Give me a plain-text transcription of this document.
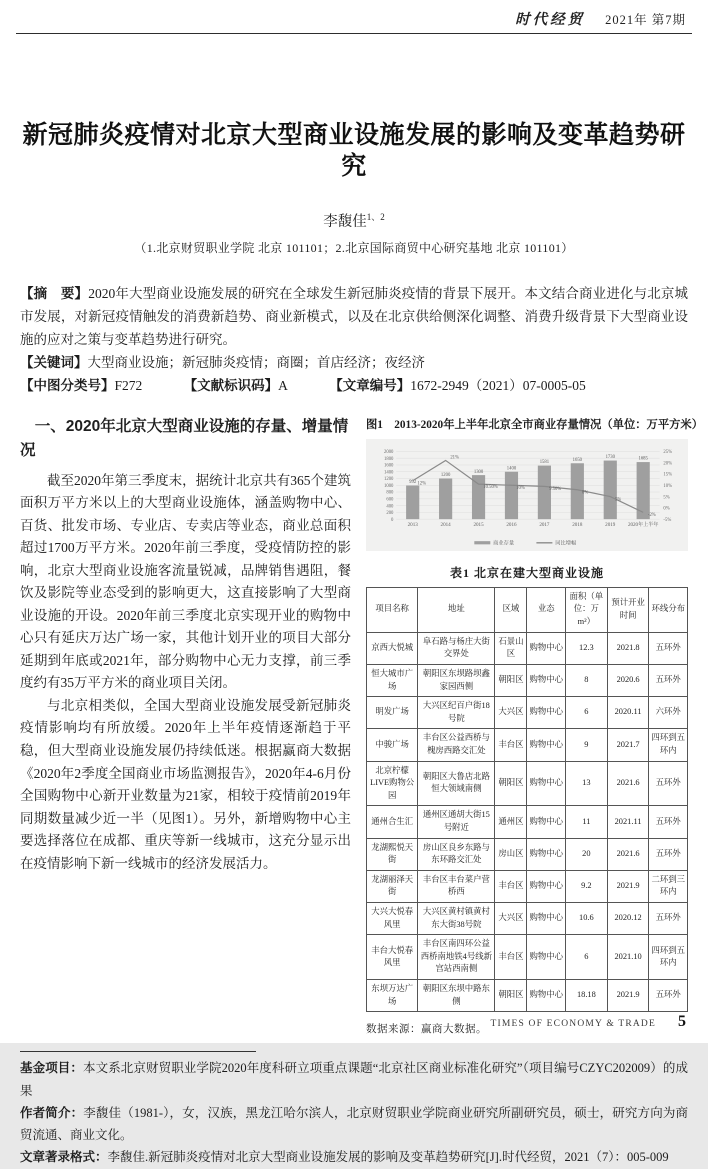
时代经贸 2021年 第7期
新冠肺炎疫情对北京大型商业设施发展的影响及变革趋势研究
李馥佳$^{1、2}$
（1.北京财贸职业学院 北京 101101；2.北京国际商贸中心研究基地 北京 101101）

【摘　要】2020年大型商业设施发展的研究在全球发生新冠肺炎疫情的背景下展开。本文结合商业进化与北京城市发展，对新冠疫情触发的消费新趋势、商业新模式，以及在北京供给侧深化调整、消费升级背景下大型商业设施的应对之策与变革趋势进行研究。

【关键词】大型商业设施；新冠肺炎疫情；商圈；首店经济；夜经济

【中图分类号】F272	【文献标识码】A	【文章编号】1672-2949（2021）07-0005-05

一、2020年北京大型商业设施的存量、增量情况

截至2020年第三季度末，据统计北京共有365个建筑面积万平方米以上的大型商业设施体，涵盖购物中心、百货、批发市场、专业店、专卖店等业态，商业总面积超过1700万平方米。2020年前三季度，受疫情防控的影响，北京大型商业设施客流量锐减，品牌销售遇阻，餐饮及影院等业态受到的影响更大，这直接影响了大型商业设施的开设。2020年前三季度北京实现开业的购物中心只有延庆万达广场一家，其他计划开业的项目大部分延期到年底或2021年，部分购物中心无力支撑，前三季度约有35万平方米的商业项目关闭。

与北京相类似，全国大型商业设施发展受新冠肺炎疫情影响均有所放缓。2020年上半年疫情逐渐趋于平稳，但大型商业设施发展仍持续低迷。根据赢商大数据《2020年2季度全国商业市场监测报告》，2020年4-6月份全国购物中心新开业数量为21家，相较于疫情前2019年同期数量减少近一半（见图1）。另外，新增购物中心主要选择落位在成都、重庆等新一线城市，这充分显示出在疫情影响下新一线城市的经济发展活力。

图1　2013-2020年上半年北京全市商业存量情况（单位：万平方米）
0
200
400
600
800
1000
1200
1400
1600
1800
2000
-5%
0%
5%
10%
15%
20%
25%
992
2013
1200
2014
1300
2015
1400
2016
1581
2017
1650
2018
1730
2019
1685
2020年上半年
12%
21%
10.50%	10%	9.50%
8%
5%
-2%
商业存量	同比增幅
表1 北京在建大型商业设施
项目名称	地址	区域	业态	面积（单位：万m²）	预计开业时间	环线分布
京西大悦城	阜石路与杨庄大街交界处	石景山区	购物中心	12.3	2021.8	五环外
恒大城市广场	朝阳区东坝路坝鑫家园西侧	朝阳区	购物中心	8	2020.6	五环外
明发广场	大兴区纪百户街18号院	大兴区	购物中心	6	2020.11	六环外
中骏广场	丰台区公益西桥与槐房西路交汇处	丰台区	购物中心	9	2021.7	四环到五环内
北京柠檬LIVE购物公园	朝阳区大鲁店北路恒大领域南侧	朝阳区	购物中心	13	2021.6	五环外
通州合生汇	通州区通胡大街15号附近	通州区	购物中心	11	2021.11	五环外
龙湖熙悦天街	房山区良乡东路与东环路交汇处	房山区	购物中心	20	2021.6	五环外
龙湖丽泽天街	丰台区丰台菜户营桥西	丰台区	购物中心	9.2	2021.9	二环到三环内
大兴大悦春风里	大兴区黄村镇黄村东大街38号院	大兴区	购物中心	10.6	2020.12	五环外
丰台大悦春风里	丰台区南四环公益西桥南地铁4号线新宫站西南侧	丰台区	购物中心	6	2021.10	四环到五环内
东坝万达广场	朝阳区东坝中路东侧	朝阳区	购物中心	18.18	2021.9	五环外
数据来源：赢商大数据。

基金项目：本文系北京财贸职业学院2020年度科研立项重点课题“北京社区商业标准化研究”（项目编号CZYC202009）的成果

作者简介：李馥佳（1981-），女，汉族，黑龙江哈尔滨人，北京财贸职业学院商业研究所副研究员，硕士，研究方向为商贸流通、商业文化。

文章著录格式：李馥佳.新冠肺炎疫情对北京大型商业设施发展的影响及变革趋势研究[J].时代经贸，2021（7）：005-009

TIMES OF ECONOMY & TRADE 5
